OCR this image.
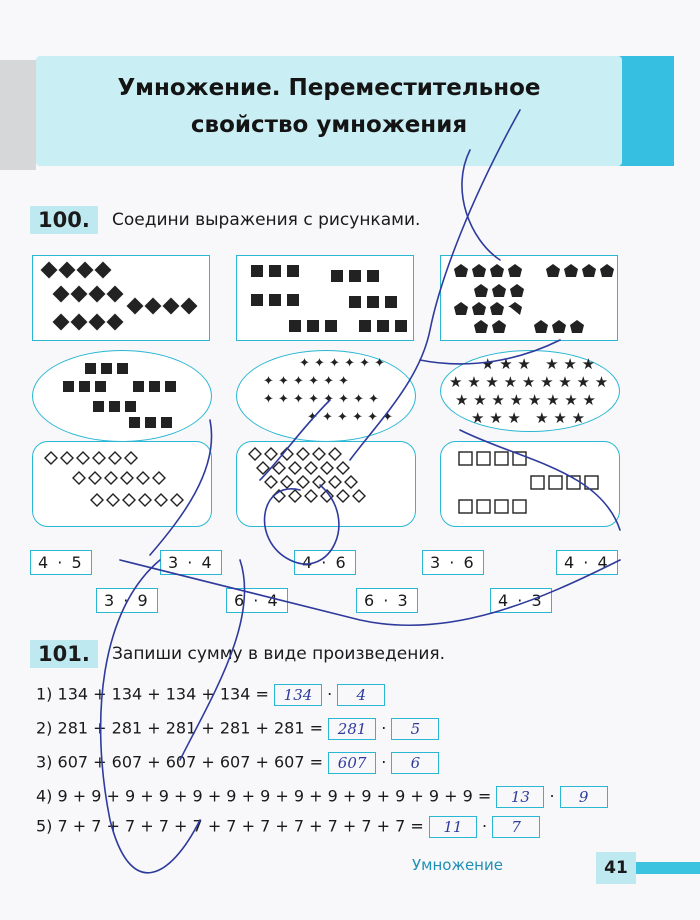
Умножение. Переместительное
свойство умножения
100.	Соедини выражения с рисунками.
✦ ✦ ✦ ✦ ✦ ✦
✦ ✦ ✦ ✦ ✦ ✦
✦ ✦ ✦ ✦ ✦ ✦ ✦ ✦
✦ ✦ ✦ ✦ ✦ ✦
★ ★ ★   ★ ★ ★
★ ★ ★ ★ ★ ★ ★ ★ ★
★ ★ ★ ★ ★ ★ ★ ★
★ ★ ★   ★ ★ ★
4 · 5	3 · 4	4 · 6	3 · 6	4 · 4
3 · 9	6 · 4	6 · 3	4 · 3
101.	Запиши сумму в виде произведения.
1) 134 + 134 + 134 + 134 = 134 · 4
2) 281 + 281 + 281 + 281 + 281 = 281 · 5
3) 607 + 607 + 607 + 607 + 607 = 607 · 6
4) 9 + 9 + 9 + 9 + 9 + 9 + 9 + 9 + 9 + 9 + 9 + 9 + 9 = 13 · 9
5) 7 + 7 + 7 + 7 + 7 + 7 + 7 + 7 + 7 + 7 + 7 = 11 · 7
Умножение	41
